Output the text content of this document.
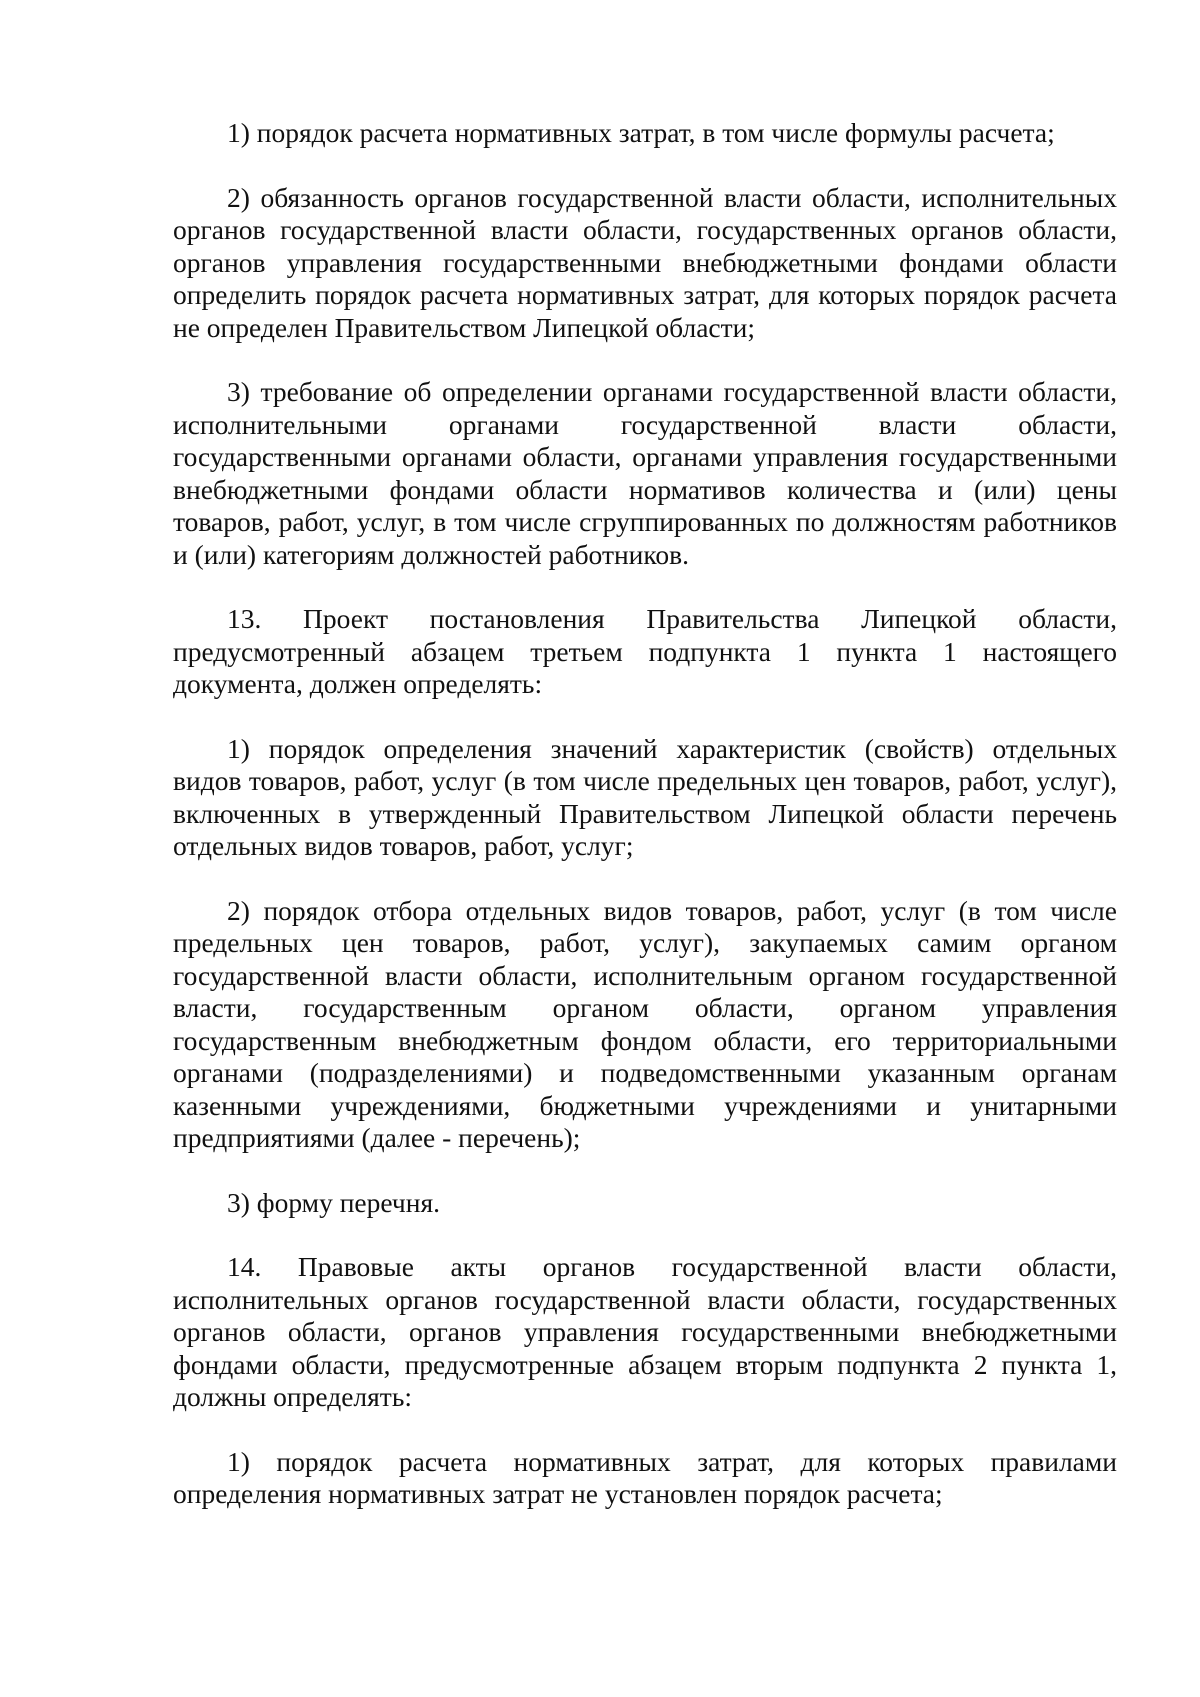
1) порядок расчета нормативных затрат, в том числе формулы расчета;

2) обязанность органов государственной власти области, исполнительных органов государственной власти области, государственных органов области, органов управления государственными внебюджетными фондами области определить порядок расчета нормативных затрат, для которых порядок расчета не определен Правительством Липецкой области;

3) требование об определении органами государственной власти области, исполнительными органами государственной власти области, государственными органами области, органами управления государственными внебюджетными фондами области нормативов количества и (или) цены товаров, работ, услуг, в том числе сгруппированных по должностям работников и (или) категориям должностей работников.

13. Проект постановления Правительства Липецкой области, предусмотренный абзацем третьем подпункта 1 пункта 1 настоящего документа, должен определять:

1) порядок определения значений характеристик (свойств) отдельных видов товаров, работ, услуг (в том числе предельных цен товаров, работ, услуг), включенных в утвержденный Правительством Липецкой области перечень отдельных видов товаров, работ, услуг;

2) порядок отбора отдельных видов товаров, работ, услуг (в том числе предельных цен товаров, работ, услуг), закупаемых самим органом государственной власти области, исполнительным органом государственной власти, государственным органом области, органом управления государственным внебюджетным фондом области, его территориальными органами (подразделениями) и подведомственными указанным органам казенными учреждениями, бюджетными учреждениями и унитарными предприятиями (далее - перечень);

3) форму перечня.

14. Правовые акты органов государственной власти области, исполнительных органов государственной власти области, государственных органов области, органов управления государственными внебюджетными фондами области, предусмотренные абзацем вторым подпункта 2 пункта 1, должны определять:

1) порядок расчета нормативных затрат, для которых правилами определения нормативных затрат не установлен порядок расчета;
